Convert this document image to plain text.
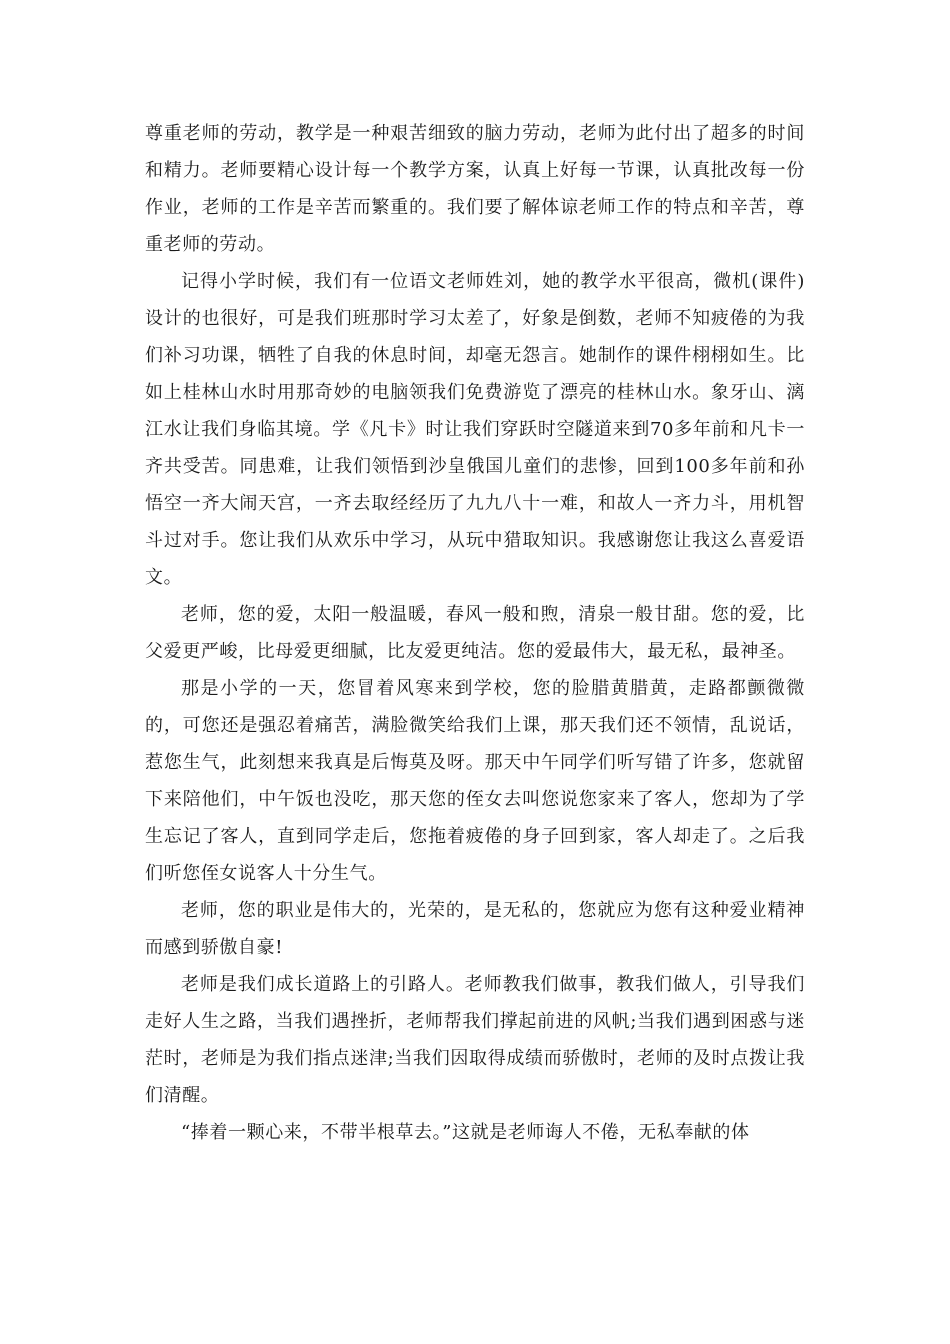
尊重老师的劳动，教学是一种艰苦细致的脑力劳动，老师为此付出了超多的时间和精力。老师要精心设计每一个教学方案，认真上好每一节课，认真批改每一份作业，老师的工作是辛苦而繁重的。我们要了解体谅老师工作的特点和辛苦，尊重老师的劳动。

记得小学时候，我们有一位语文老师姓刘，她的教学水平很高，微机(课件)设计的也很好，可是我们班那时学习太差了，好象是倒数，老师不知疲倦的为我们补习功课，牺牲了自我的休息时间，却毫无怨言。她制作的课件栩栩如生。比如上桂林山水时用那奇妙的电脑领我们免费游览了漂亮的桂林山水。象牙山、漓江水让我们身临其境。学《凡卡》时让我们穿跃时空隧道来到70多年前和凡卡一齐共受苦。同患难，让我们领悟到沙皇俄国儿童们的悲惨，回到100多年前和孙悟空一齐大闹天宫，一齐去取经经历了九九八十一难，和故人一齐力斗，用机智斗过对手。您让我们从欢乐中学习，从玩中猎取知识。我感谢您让我这么喜爱语文。

老师，您的爱，太阳一般温暖，春风一般和煦，清泉一般甘甜。您的爱，比父爱更严峻，比母爱更细腻，比友爱更纯洁。您的爱最伟大，最无私，最神圣。

那是小学的一天，您冒着风寒来到学校，您的脸腊黄腊黄，走路都颤微微的，可您还是强忍着痛苦，满脸微笑给我们上课，那天我们还不领情，乱说话，惹您生气，此刻想来我真是后悔莫及呀。那天中午同学们听写错了许多，您就留下来陪他们，中午饭也没吃，那天您的侄女去叫您说您家来了客人，您却为了学生忘记了客人，直到同学走后，您拖着疲倦的身子回到家，客人却走了。之后我们听您侄女说客人十分生气。

老师，您的职业是伟大的，光荣的，是无私的，您就应为您有这种爱业精神而感到骄傲自豪!

老师是我们成长道路上的引路人。老师教我们做事，教我们做人，引导我们走好人生之路，当我们遇挫折，老师帮我们撑起前进的风帆;当我们遇到困惑与迷茫时，老师是为我们指点迷津;当我们因取得成绩而骄傲时，老师的及时点拨让我们清醒。

“捧着一颗心来，不带半根草去。”这就是老师诲人不倦，无私奉献的体
